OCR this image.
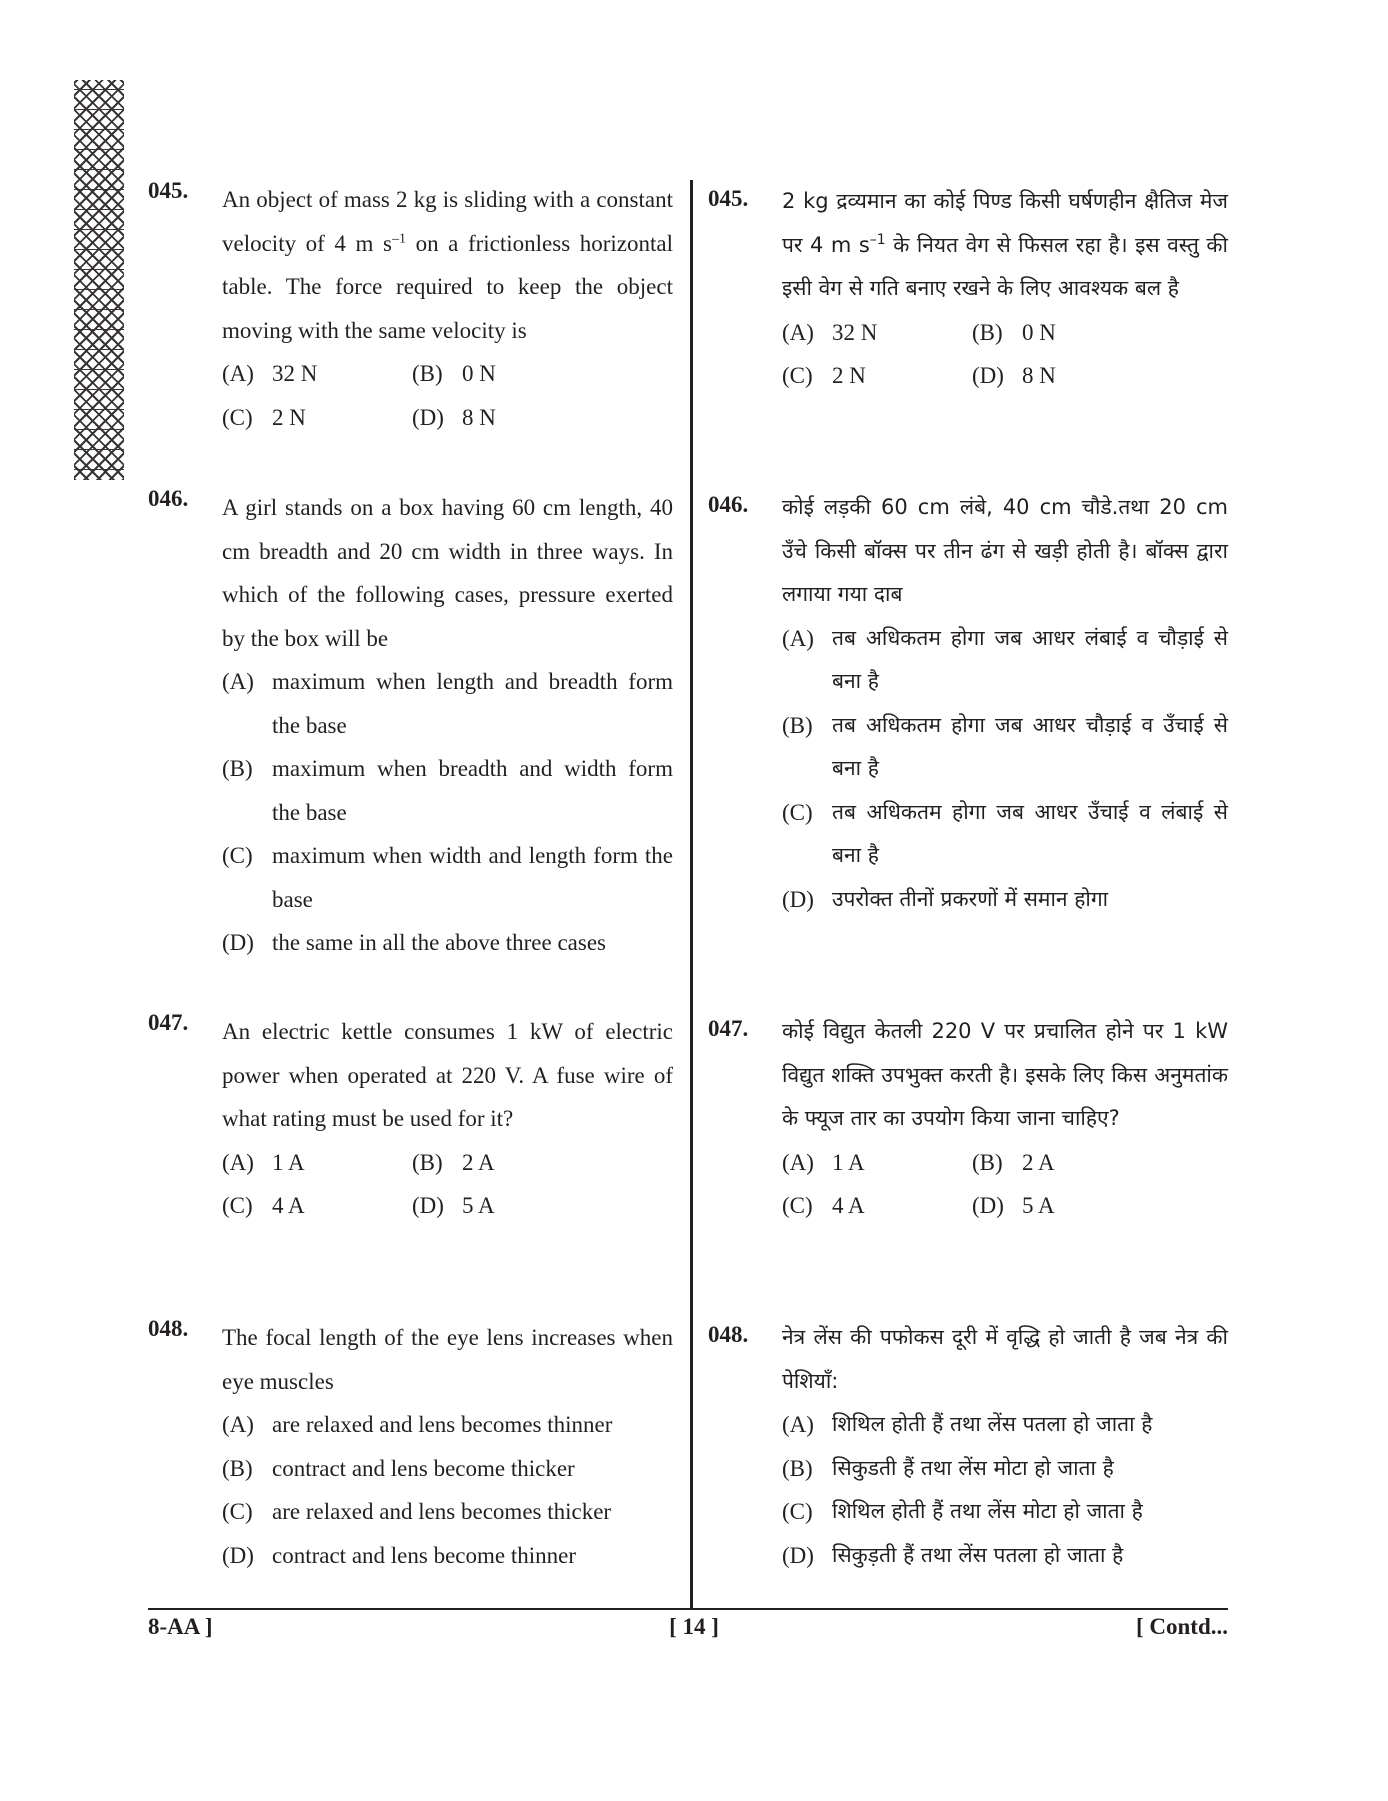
045. An object of mass 2 kg is sliding with a constant velocity of 4 m $s^{-1}$ on a frictionless horizontal table. The force required to keep the object moving with the same velocity is
(A) 32 N	(B) 0 N
(C) 2 N	(D) 8 N
046. A girl stands on a box having 60 cm length, 40 cm breadth and 20 cm width in three ways. In which of the following cases, pressure exerted by the box will be
(A) maximum when length and breadth form the base
(B) maximum when breadth and width form the base
(C) maximum when width and length form the base
(D) the same in all the above three cases
047. An electric kettle consumes 1 kW of electric power when operated at 220 V. A fuse wire of what rating must be used for it?
(A) 1 A	(B) 2 A
(C) 4 A	(D) 5 A
048. The focal length of the eye lens increases when eye muscles
(A) are relaxed and lens becomes thinner
(B) contract and lens become thicker
(C) are relaxed and lens becomes thicker
(D) contract and lens become thinner
045. 2 kg द्रव्यमान का कोई पिण्ड किसी घर्षणहीन क्षैतिज मेज पर 4 m $s^{-1}$ के नियत वेग से फिसल रहा है। इस वस्तु की इसी वेग से गति बनाए रखने के लिए आवश्यक बल है
(A) 32 N	(B) 0 N
(C) 2 N	(D) 8 N
046. कोई लड़की 60 cm लंबे, 40 cm चौडे.तथा 20 cm उँचे किसी बॉक्स पर तीन ढंग से खड़ी होती है। बॉक्स द्वारा लगाया गया दाब
(A) तब अधिकतम होगा जब आधर लंबाई व चौड़ाई से बना है
(B) तब अधिकतम होगा जब आधर चौड़ाई व उँचाई से बना है
(C) तब अधिकतम होगा जब आधर उँचाई व लंबाई से बना है
(D) उपरोक्त तीनों प्रकरणों में समान होगा
047. कोई विद्युत केतली 220 V पर प्रचालित होने पर 1 kW विद्युत शक्ति उपभुक्त करती है। इसके लिए किस अनुमतांक के फ्यूज तार का उपयोग किया जाना चाहिए?
(A) 1 A	(B) 2 A
(C) 4 A	(D) 5 A
048. नेत्र लेंस की पफोकस दूरी में वृद्धि हो जाती है जब नेत्र की पेशियाँ:
(A) शिथिल होती हैं तथा लेंस पतला हो जाता है
(B) सिकुडती हैं तथा लेंस मोटा हो जाता है
(C) शिथिल होती हैं तथा लेंस मोटा हो जाता है
(D) सिकुड़ती हैं तथा लेंस पतला हो जाता है
8-AA ]	[ 14 ]	[ Contd...
